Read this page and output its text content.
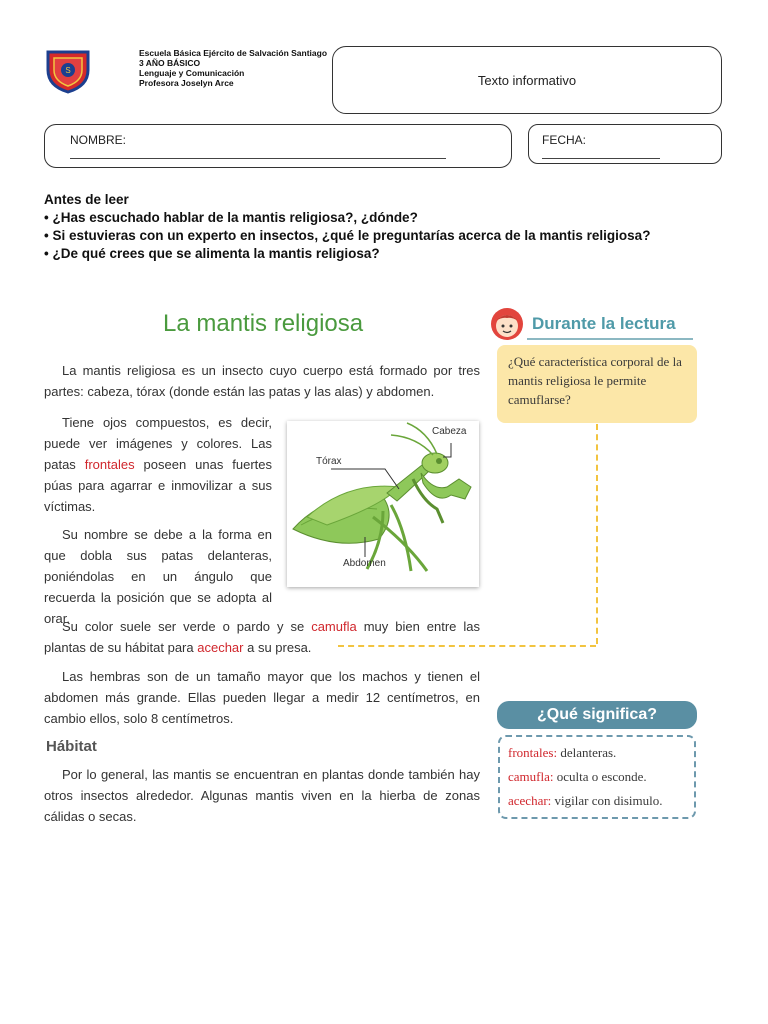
S
Escuela Básica Ejército de Salvación Santiago
3 AÑO BÁSICO
Lenguaje y Comunicación
Profesora Joselyn Arce	Texto informativo
NOMBRE:	FECHA:
Antes de leer
• ¿Has escuchado hablar de la mantis religiosa?, ¿dónde?
• Si estuvieras con un experto en insectos, ¿qué le preguntarías acerca de la mantis religiosa?
• ¿De qué crees que se alimenta la mantis religiosa?
La mantis religiosa
La mantis religiosa es un insecto cuyo cuerpo está formado por tres partes: cabeza, tórax (donde están las patas y las alas) y abdomen.
Tiene ojos compuestos, es decir, puede ver imágenes y colores. Las patas frontales poseen unas fuertes púas para agarrar e inmovilizar a sus víctimas.
Su nombre se debe a la forma en que dobla sus patas delanteras, poniéndolas en un ángulo que recuerda la posición que se adopta al orar.
Su color suele ser verde o pardo y se camufla muy bien entre las plantas de su hábitat para acechar a su presa.
Las hembras son de un tamaño mayor que los machos y tienen el abdomen más grande. Ellas pueden llegar a medir 12 centímetros, en cambio ellos, solo 8 centímetros.
Hábitat
Por lo general, las mantis se encuentran en plantas donde también hay otros insectos alrededor. Algunas mantis viven en la hierba de zonas cálidas o secas.
Cabeza
Tórax
Abdomen
Durante la lectura
¿Qué característica corporal de la mantis religiosa le permite camuflarse?
¿Qué significa?
frontales: delanteras.
camufla: oculta o esconde.
acechar: vigilar con disimulo.
